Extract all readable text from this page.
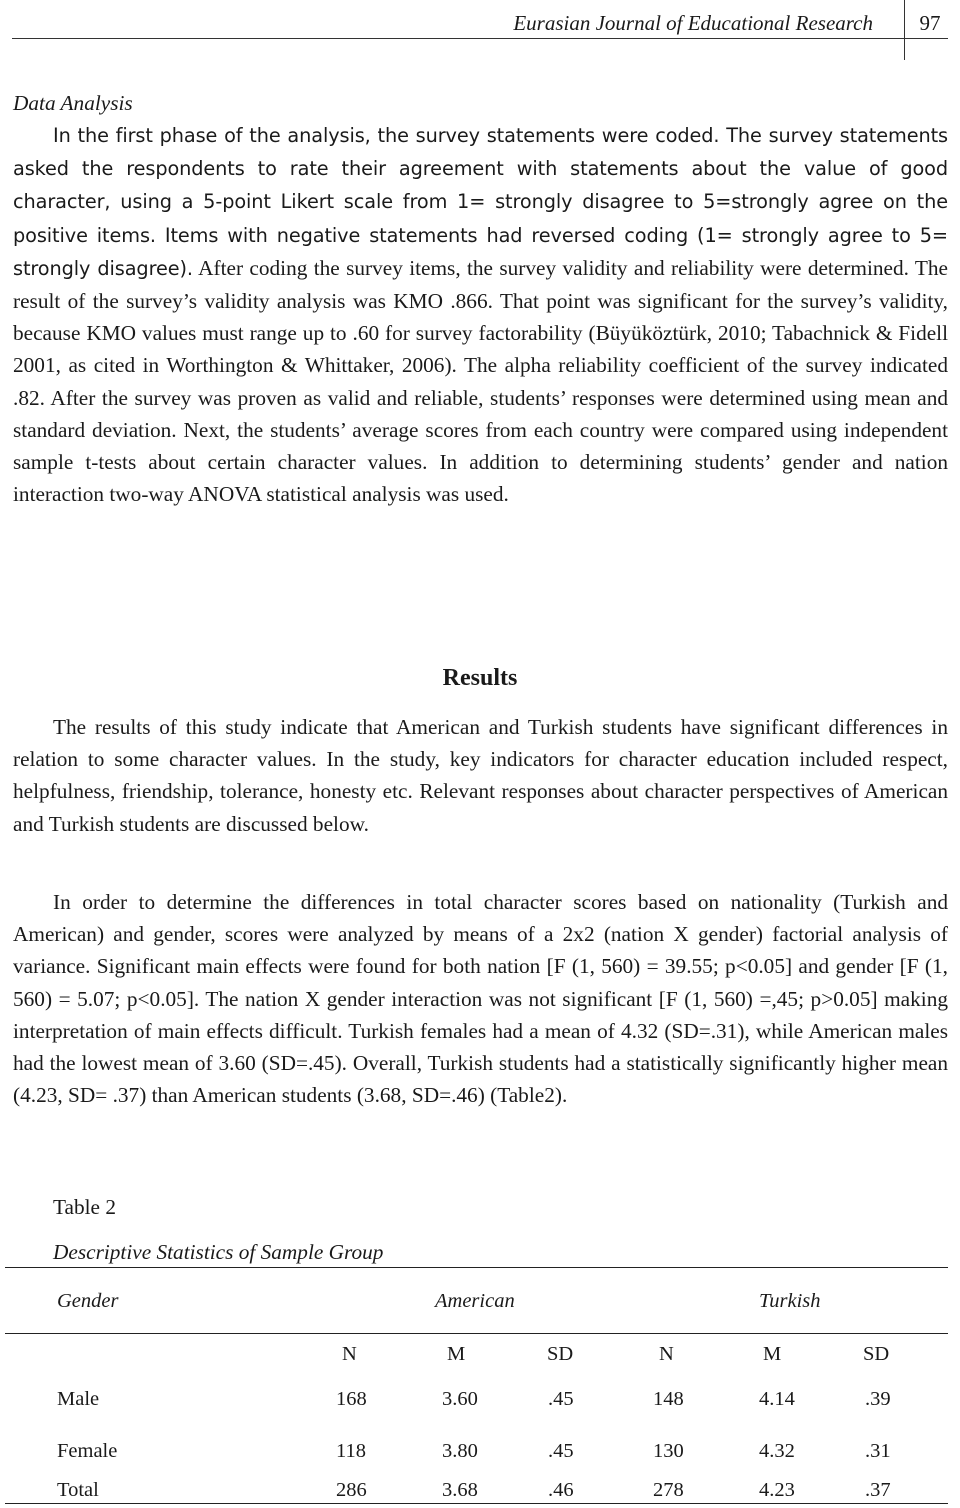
Eurasian Journal of Educational Research	97
Data Analysis
In the first phase of the analysis, the survey statements were coded. The survey statements asked the respondents to rate their agreement with statements about the value of good character, using a 5-point Likert scale from 1= strongly disagree to 5=strongly agree on the positive items. Items with negative statements had reversed coding (1= strongly agree to 5= strongly disagree). After coding the survey items, the survey validity and reliability were determined. The result of the survey’s validity analysis was KMO .866. That point was significant for the survey’s validity, because KMO values must range up to .60 for survey factorability (Büyüköztürk, 2010; Tabachnick & Fidell 2001, as cited in Worthington & Whittaker, 2006). The alpha reliability coefficient of the survey indicated .82. After the survey was proven as valid and reliable, students’ responses were determined using mean and standard deviation. Next, the students’ average scores from each country were compared using independent sample t-tests about certain character values. In addition to determining students’ gender and nation interaction two-way ANOVA statistical analysis was used.
Results
The results of this study indicate that American and Turkish students have significant differences in relation to some character values. In the study, key indicators for character education included respect, helpfulness, friendship, tolerance, honesty etc. Relevant responses about character perspectives of American and Turkish students are discussed below.
In order to determine the differences in total character scores based on nationality (Turkish and American) and gender, scores were analyzed by means of a 2x2 (nation X gender) factorial analysis of variance. Significant main effects were found for both nation [F (1, 560) = 39.55; p<0.05] and gender [F (1, 560) = 5.07; p<0.05]. The nation X gender interaction was not significant [F (1, 560) =,45; p>0.05] making interpretation of main effects difficult. Turkish females had a mean of 4.32 (SD=.31), while American males had the lowest mean of 3.60 (SD=.45). Overall, Turkish students had a statistically significantly higher mean (4.23, SD= .37) than American students (3.68, SD=.46) (Table2).
Table 2
Descriptive Statistics of Sample Group
Gender	American	Turkish
N	M	SD	N	M	SD
Male	168	3.60	.45	148	4.14	.39
Female	118	3.80	.45	130	4.32	.31
Total	286	3.68	.46	278	4.23	.37
